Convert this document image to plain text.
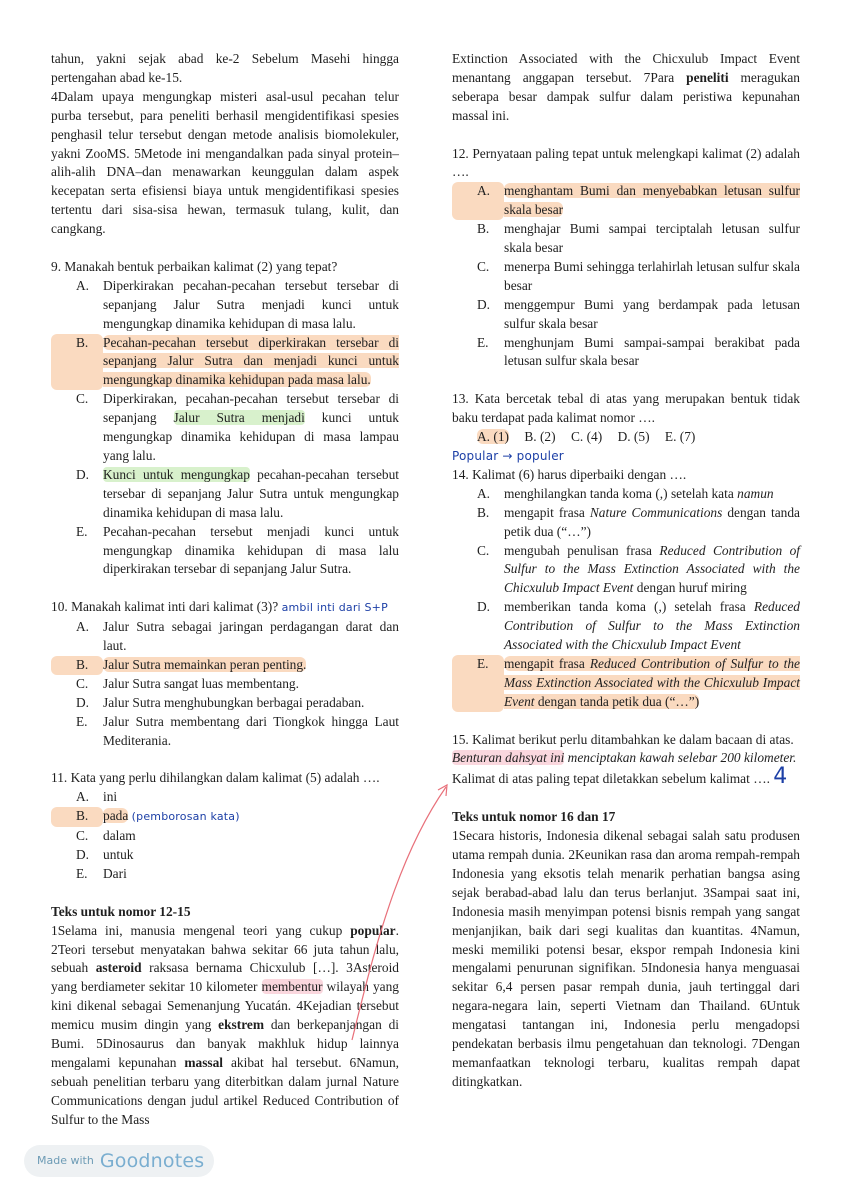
tahun, yakni sejak abad ke-2 Sebelum Masehi hingga pertengahan abad ke-15.

4Dalam upaya mengungkap misteri asal-usul pecahan telur purba tersebut, para peneliti berhasil mengidentifikasi spesies penghasil telur tersebut dengan metode analisis biomolekuler, yakni ZooMS. 5Metode ini mengandalkan pada sinyal protein–alih-alih DNA–dan menawarkan keunggulan dalam aspek kecepatan serta efisiensi biaya untuk mengidentifikasi spesies tertentu dari sisa-sisa hewan, termasuk tulang, kulit, dan cangkang.

9. Manakah bentuk perbaikan kalimat (2) yang tepat?

A.	Diperkirakan pecahan-pecahan tersebut tersebar di sepanjang Jalur Sutra menjadi kunci untuk mengungkap dinamika kehidupan di masa lalu.
B.	Pecahan-pecahan tersebut diperkirakan tersebar di sepanjang Jalur Sutra dan menjadi kunci untuk mengungkap dinamika kehidupan pada masa lalu.
C.	Diperkirakan, pecahan-pecahan tersebut tersebar di sepanjang Jalur Sutra menjadi kunci untuk mengungkap dinamika kehidupan di masa lampau yang lalu.
D.	Kunci untuk mengungkap pecahan-pecahan tersebut tersebar di sepanjang Jalur Sutra untuk mengungkap dinamika kehidupan di masa lalu.
E.	Pecahan-pecahan tersebut menjadi kunci untuk mengungkap dinamika kehidupan di masa lalu diperkirakan tersebar di sepanjang Jalur Sutra.

10. Manakah kalimat inti dari kalimat (3)? ambil inti dari S+P

A.	Jalur Sutra sebagai jaringan perdagangan darat dan laut.
B.	Jalur Sutra memainkan peran penting.
C.	Jalur Sutra sangat luas membentang.
D.	Jalur Sutra menghubungkan berbagai peradaban.
E.	Jalur Sutra membentang dari Tiongkok hingga Laut Mediterania.

11. Kata yang perlu dihilangkan dalam kalimat (5) adalah ….

A.	ini
B.	pada (pemborosan kata)
C.	dalam
D.	untuk
E.	Dari

Teks untuk nomor 12-15

1Selama ini, manusia mengenal teori yang cukup popular. 2Teori tersebut menyatakan bahwa sekitar 66 juta tahun lalu, sebuah asteroid raksasa bernama Chicxulub […]. 3Asteroid yang berdiameter sekitar 10 kilometer membentur wilayah yang kini dikenal sebagai Semenanjung Yucatán. 4Kejadian tersebut memicu musim dingin yang ekstrem dan berkepanjangan di Bumi. 5Dinosaurus dan banyak makhluk hidup lainnya mengalami kepunahan massal akibat hal tersebut. 6Namun, sebuah penelitian terbaru yang diterbitkan dalam jurnal Nature Communications dengan judul artikel Reduced Contribution of Sulfur to the Mass

Extinction Associated with the Chicxulub Impact Event menantang anggapan tersebut. 7Para peneliti meragukan seberapa besar dampak sulfur dalam peristiwa kepunahan massal ini.

12. Pernyataan paling tepat untuk melengkapi kalimat (2) adalah ….

A.	menghantam Bumi dan menyebabkan letusan sulfur skala besar
B.	menghajar Bumi sampai terciptalah letusan sulfur skala besar
C.	menerpa Bumi sehingga terlahirlah letusan sulfur skala besar
D.	menggempur Bumi yang berdampak pada letusan sulfur skala besar
E.	menghunjam Bumi sampai-sampai berakibat pada letusan sulfur skala besar

13. Kata bercetak tebal di atas yang merupakan bentuk tidak baku terdapat pada kalimat nomor ….

A. (1) B. (2) C. (4) D. (5) E. (7)
Popular → populer

14. Kalimat (6) harus diperbaiki dengan ….

A.	menghilangkan tanda koma (,) setelah kata namun
B.	mengapit frasa Nature Communications dengan tanda petik dua (“…”)
C.	mengubah penulisan frasa Reduced Contribution of Sulfur to the Mass Extinction Associated with the Chicxulub Impact Event dengan huruf miring
D.	memberikan tanda koma (,) setelah frasa Reduced Contribution of Sulfur to the Mass Extinction Associated with the Chicxulub Impact Event
E.	mengapit frasa Reduced Contribution of Sulfur to the Mass Extinction Associated with the Chicxulub Impact Event dengan tanda petik dua (“…”)

15. Kalimat berikut perlu ditambahkan ke dalam bacaan di atas.

Benturan dahsyat ini menciptakan kawah selebar 200 kilometer.

Kalimat di atas paling tepat diletakkan sebelum kalimat …. 4

Teks untuk nomor 16 dan 17

1Secara historis, Indonesia dikenal sebagai salah satu produsen utama rempah dunia. 2Keunikan rasa dan aroma rempah-rempah Indonesia yang eksotis telah menarik perhatian bangsa asing sejak berabad-abad lalu dan terus berlanjut. 3Sampai saat ini, Indonesia masih menyimpan potensi bisnis rempah yang sangat menjanjikan, baik dari segi kualitas dan kuantitas. 4Namun, meski memiliki potensi besar, ekspor rempah Indonesia kini mengalami penurunan signifikan. 5Indonesia hanya menguasai sekitar 6,4 persen pasar rempah dunia, jauh tertinggal dari negara-negara lain, seperti Vietnam dan Thailand. 6Untuk mengatasi tantangan ini, Indonesia perlu mengadopsi pendekatan berbasis ilmu pengetahuan dan teknologi. 7Dengan memanfaatkan teknologi terbaru, kualitas rempah dapat ditingkatkan.

Made with Goodnotes
